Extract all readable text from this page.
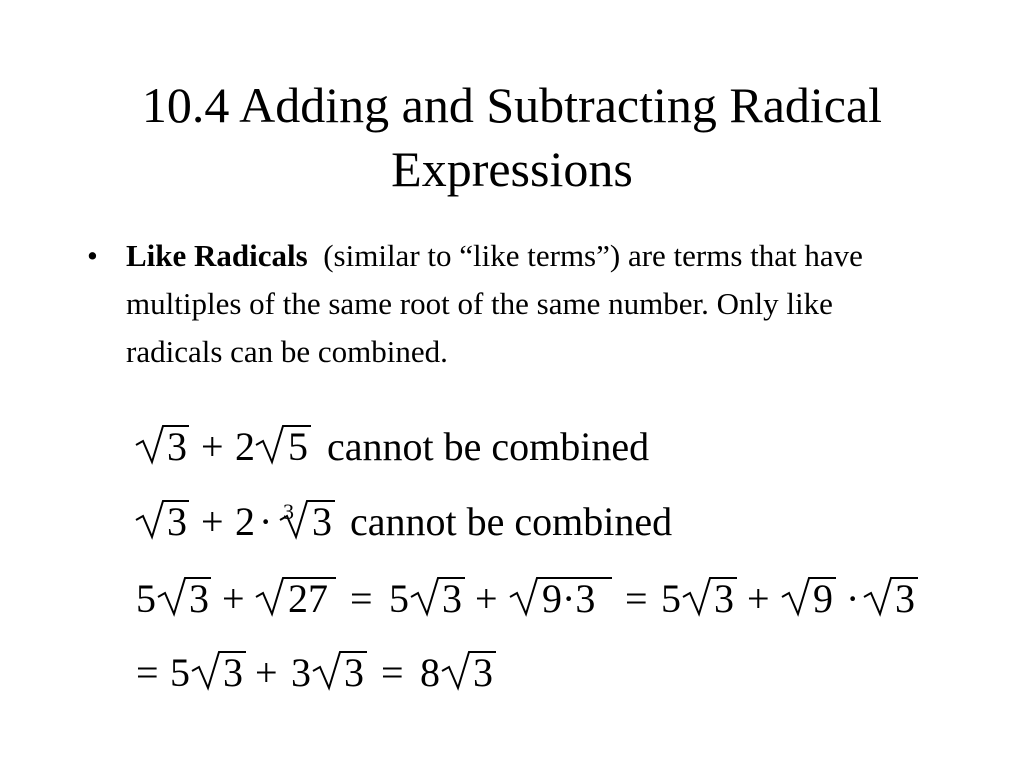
10.4 Adding and Subtracting Radical
Expressions
• Like Radicals (similar to “like terms”) are terms that have multiples of the same root of the same number. Only like radicals can be combined.
3 + 2 5 cannot be combined
3 + 2 · 3 3 cannot be combined
5 3 + 27 = 5 3 + 9·3 = 5 3 + 9 · 3
= 5 3 + 3 3 = 8 3
